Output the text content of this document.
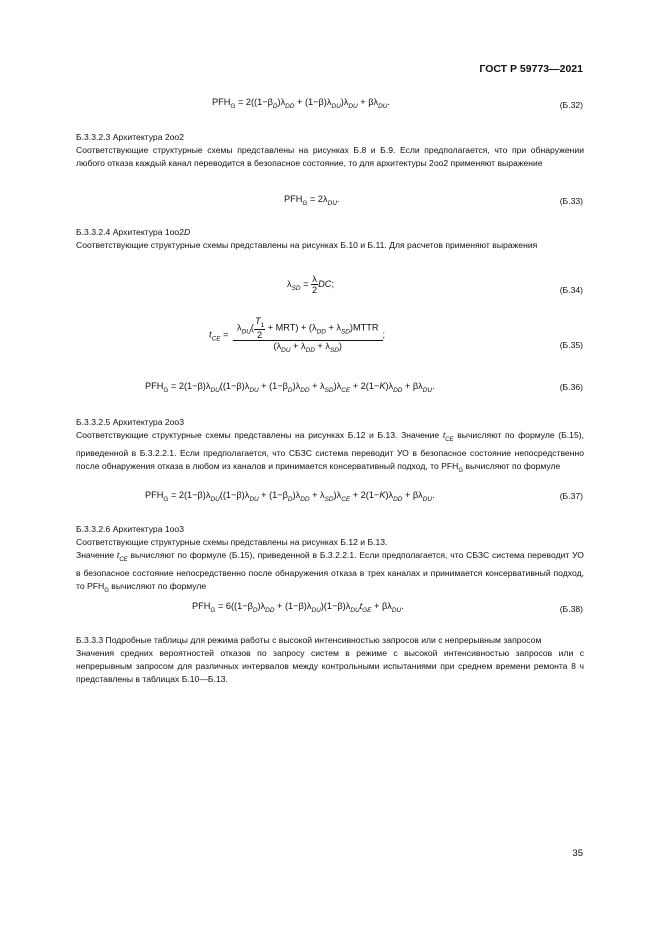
ГОСТ Р 59773—2021
$PFH_G = 2((1-\beta_D)\lambda_{DD} + (1-\beta)\lambda_{DU})\lambda_{DU} + \beta\lambda_{DU}$.	(Б.32)
Б.3.3.2.3 Архитектура 2oo2
Соответствующие структурные схемы представлены на рисунках Б.8 и Б.9. Если предполагается, что при обнаружении любого отказа каждый канал переводится в безопасное состояние, то для архитектуры 2oo2 применяют выражение
$PFH_G = 2\lambda_{DU}$.	(Б.33)
Б.3.3.2.4 Архитектура 1oo2D
Соответствующие структурные схемы представлены на рисунках Б.10 и Б.11. Для расчетов применяют выражения
$\lambda_{SD} = \frac{\lambda}{2}$ DC;
(Б.34)
$t_{CE} = \frac{\lambda_{DU}( \frac{T_1}{2} + MRT) + (\lambda_{DD} + \lambda_{SD})MTTR}{(\lambda_{DU} + \lambda_{DD} + \lambda_{SD})}$ ;
(Б.35)
$PFH_G = 2(1-\beta)\lambda_{DU}((1-\beta)\lambda_{DU} + (1-\beta_D)\lambda_{DD} + \lambda_{SD})\lambda_{CE} + 2(1-K)\lambda_{DD} + \beta\lambda_{DU}$.	(Б.36)
Б.3.3.2.5 Архитектура 2oo3
Соответствующие структурные схемы представлены на рисунках Б.12 и Б.13. Значение $t_{CE}$ вычисляют по формуле (Б.15), приведенной в Б.3.2.2.1. Если предполагается, что СБЗС система переводит УО в безопасное состояние непосредственно после обнаружения отказа в любом из каналов и принимается консервативный подход, то $PFH_G$ вычисляют по формуле
$PFH_G = 2(1-\beta)\lambda_{DU}((1-\beta)\lambda_{DU} + (1-\beta_D)\lambda_{DD} + \lambda_{SD})\lambda_{CE} + 2(1-K)\lambda_{DD} + \beta\lambda_{DU}$.	(Б.37)
Б.3.3.2.6 Архитектура 1oo3
Соответствующие структурные схемы представлены на рисунках Б.12 и Б.13.
Значение $t_{CE}$ вычисляют по формуле (Б.15), приведенной в Б.3.2.2.1. Если предполагается, что СБЗС система переводит УО в безопасное состояние непосредственно после обнаружения отказа в трех каналах и принимается консервативный подход, то $PFH_G$ вычисляют по формуле
$PFH_G = 6((1-\beta_D)\lambda_{DD} + (1-\beta)\lambda_{DU})(1-\beta)\lambda_{DU}t_{GE} + \beta\lambda_{DU}$.	(Б.38)
Б.3.3.3 Подробные таблицы для режима работы с высокой интенсивностью запросов или с непрерывным запросом
Значения средних вероятностей отказов по запросу систем в режиме с высокой интенсивностью запросов или с непрерывным запросом для различных интервалов между контрольными испытаниями при среднем времени ремонта 8 ч представлены в таблицах Б.10—Б.13.
35
